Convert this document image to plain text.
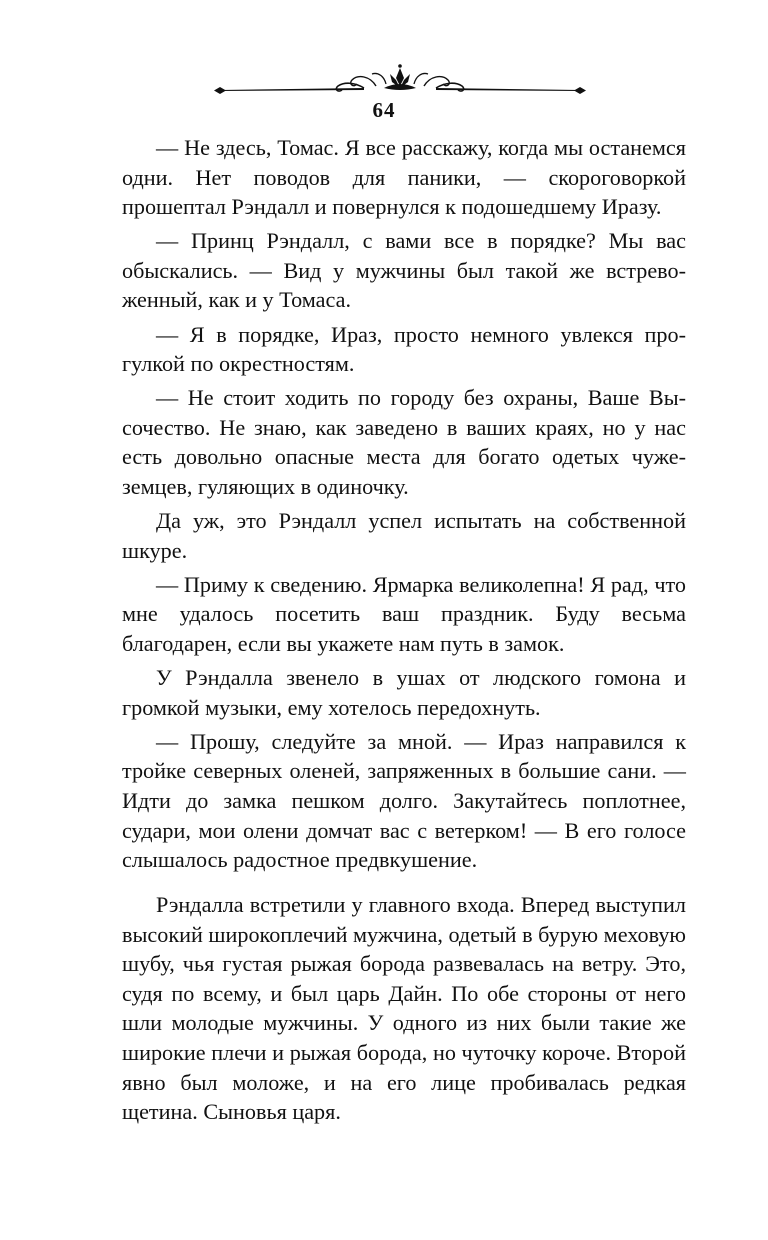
64

— Не здесь, Томас. Я все расскажу, когда мы останемся одни. Нет поводов для паники, — скороговоркой прошептал Рэндалл и повернулся к подошедшему Иразу.

— Принц Рэндалл, с вами все в порядке? Мы вас обыскались. — Вид у мужчины был такой же встревоженный, как и у Томаса.

— Я в порядке, Ираз, просто немного увлекся прогулкой по окрестностям.

— Не стоит ходить по городу без охраны, Ваше Высочество. Не знаю, как заведено в ваших краях, но у нас есть довольно опасные места для богато одетых чужеземцев, гуляющих в одиночку.

Да уж, это Рэндалл успел испытать на собственной шкуре.

— Приму к сведению. Ярмарка великолепна! Я рад, что мне удалось посетить ваш праздник. Буду весьма благодарен, если вы укажете нам путь в замок.

У Рэндалла звенело в ушах от людского гомона и громкой музыки, ему хотелось передохнуть.

— Прошу, следуйте за мной. — Ираз направился к тройке северных оленей, запряженных в большие сани. — Идти до замка пешком долго. Закутайтесь поплотнее, судари, мои олени домчат вас с ветерком! — В его голосе слышалось радостное предвкушение.

Рэндалла встретили у главного входа. Вперед выступил высокий широкоплечий мужчина, одетый в бурую меховую шубу, чья густая рыжая борода развевалась на ветру. Это, судя по всему, и был царь Дайн. По обе стороны от него шли молодые мужчины. У одного из них были такие же широкие плечи и рыжая борода, но чуточку короче. Второй явно был моложе, и на его лице пробивалась редкая щетина. Сыновья царя.
